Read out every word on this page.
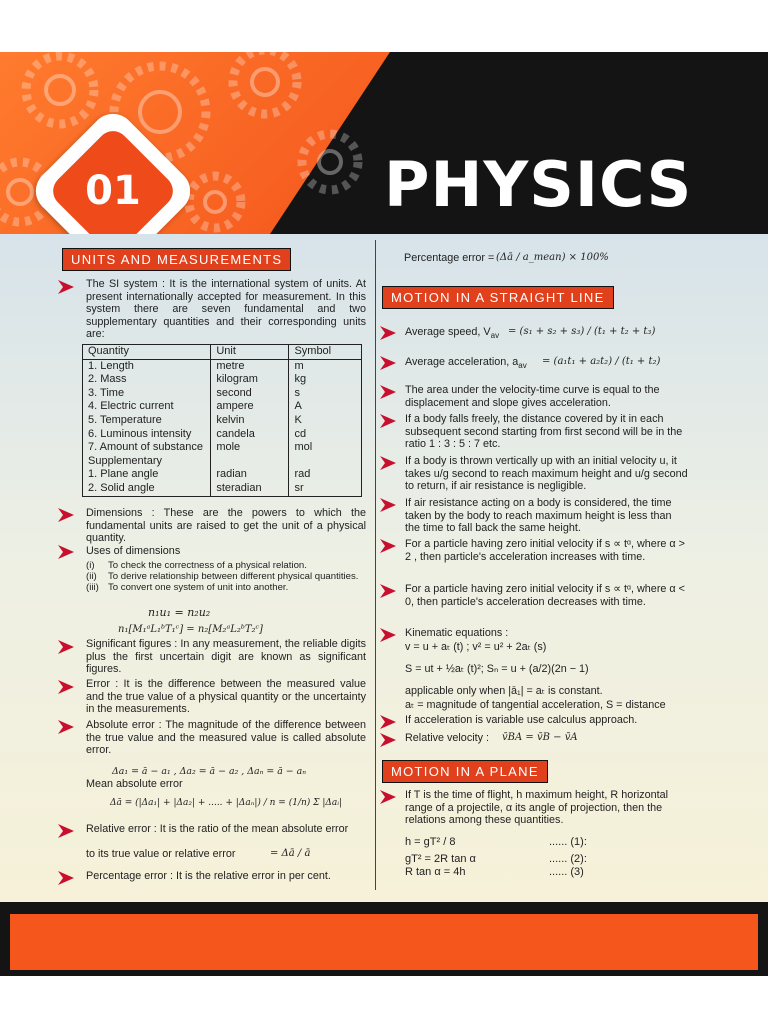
01	PHYSICS
UNITS AND MEASUREMENTS
The SI system : It is the international system of units. At present internationally accepted for measurement. In this system there are seven fundamental and two supplementary quantities and their corresponding units are:
Quantity	Unit	Symbol
1. Length	metre	m
2. Mass	kilogram	kg
3. Time	second	s
4. Electric current	ampere	A
5. Temperature	kelvin	K
6. Luminous intensity	candela	cd
7. Amount of substance	mole	mol
Supplementary		
1. Plane angle	radian	rad
2. Solid angle	steradian	sr
Dimensions : These are the powers to which the fundamental units are raised to get the unit of a physical quantity.
Uses of dimensions
(i) To check the correctness of a physical relation.
(ii) To derive relationship between different physical quantities.
(iii) To convert one system of unit into another.
n₁u₁ = n₂u₂
n₁[M₁ᵃL₁ᵇT₁ᶜ] = n₂[M₂ᵃL₂ᵇT₂ᶜ]
Significant figures : In any measurement, the reliable digits plus the first uncertain digit are known as significant figures.
Error : It is the difference between the measured value and the true value of a physical quantity or the uncertainty in the measurements.
Absolute error : The magnitude of the difference between the true value and the measured value is called absolute error.
Δa₁ = ā − a₁ , Δa₂ = ā − a₂ , Δaₙ = ā − aₙ
Mean absolute error
Δā = (|Δa₁| + |Δa₂| + ..... + |Δaₙ|) / n = (1/n) Σ |Δaᵢ|
Relative error : It is the ratio of the mean absolute error
to its true value or relative error	= Δā / ā
Percentage error : It is the relative error in per cent.
Percentage error = (Δā / a_mean) × 100%
MOTION IN A STRAIGHT LINE
Average speed, $V_{av} = (s_1 + s_2 + s_3) / (t_1 + t_2 + t_3)$
Average acceleration, $a_{av} = (a_1t_1 + a_2t_2) / (t_1 + t_2)$
The area under the velocity-time curve is equal to the displacement and slope gives acceleration.
If a body falls freely, the distance covered by it in each subsequent second starting from first second will be in the ratio 1 : 3 : 5 : 7 etc.
If a body is thrown vertically up with an initial velocity u, it takes u/g second to reach maximum height and u/g second to return, if air resistance is negligible.
If air resistance acting on a body is considered, the time taken by the body to reach maximum height is less than the time to fall back the same height.
For a particle having zero initial velocity if s ∝ tᵅ, where α > 2 , then particle's acceleration increases with time.
For a particle having zero initial velocity if s ∝ tᵅ, where α < 0, then particle's acceleration decreases with time.
Kinematic equations :
v = u + aₜ (t) ; v² = u² + 2aₜ (s)
S = ut + ½aₜ (t)²; Sₙ = u + (a/2)(2n − 1)
applicable only when |ā₁| = aₜ is constant.
aₜ = magnitude of tangential acceleration, S = distance
If acceleration is variable use calculus approach.
Relative velocity : v̄BA = v̄B − v̄A
MOTION IN A PLANE
If T is the time of flight, h maximum height, R horizontal range of a projectile, α its angle of projection, then the relations among these quantities.
h = gT² / 8	...... (1):
gT² = 2R tan α	...... (2):
R tan α = 4h	...... (3)
